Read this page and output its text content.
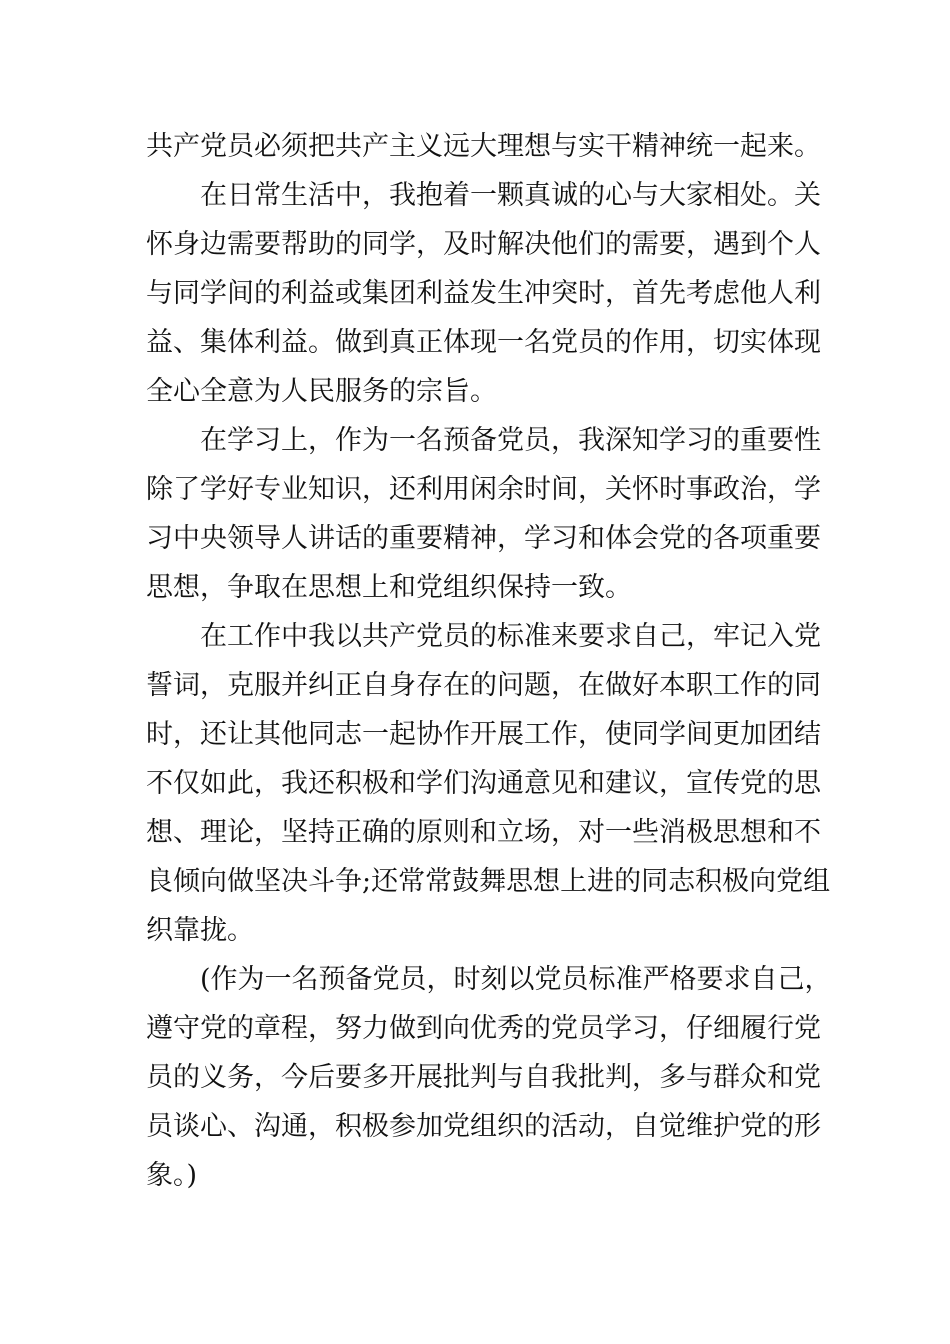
共产党员必须把共产主义远大理想与实干精神统一起来。
在日常生活中，我抱着一颗真诚的心与大家相处。关
怀身边需要帮助的同学，及时解决他们的需要，遇到个人
与同学间的利益或集团利益发生冲突时，首先考虑他人利
益、集体利益。做到真正体现一名党员的作用，切实体现
全心全意为人民服务的宗旨。
在学习上，作为一名预备党员，我深知学习的重要性
除了学好专业知识，还利用闲余时间，关怀时事政治，学
习中央领导人讲话的重要精神，学习和体会党的各项重要
思想，争取在思想上和党组织保持一致。
在工作中我以共产党员的标准来要求自己，牢记入党
誓词，克服并纠正自身存在的问题，在做好本职工作的同
时，还让其他同志一起协作开展工作，使同学间更加团结
不仅如此，我还积极和学们沟通意见和建议，宣传党的思
想、理论，坚持正确的原则和立场，对一些消极思想和不
良倾向做坚决斗争;还常常鼓舞思想上进的同志积极向党组
织靠拢。
(作为一名预备党员，时刻以党员标准严格要求自己，
遵守党的章程，努力做到向优秀的党员学习，仔细履行党
员的义务，今后要多开展批判与自我批判，多与群众和党
员谈心、沟通，积极参加党组织的活动，自觉维护党的形
象。)
